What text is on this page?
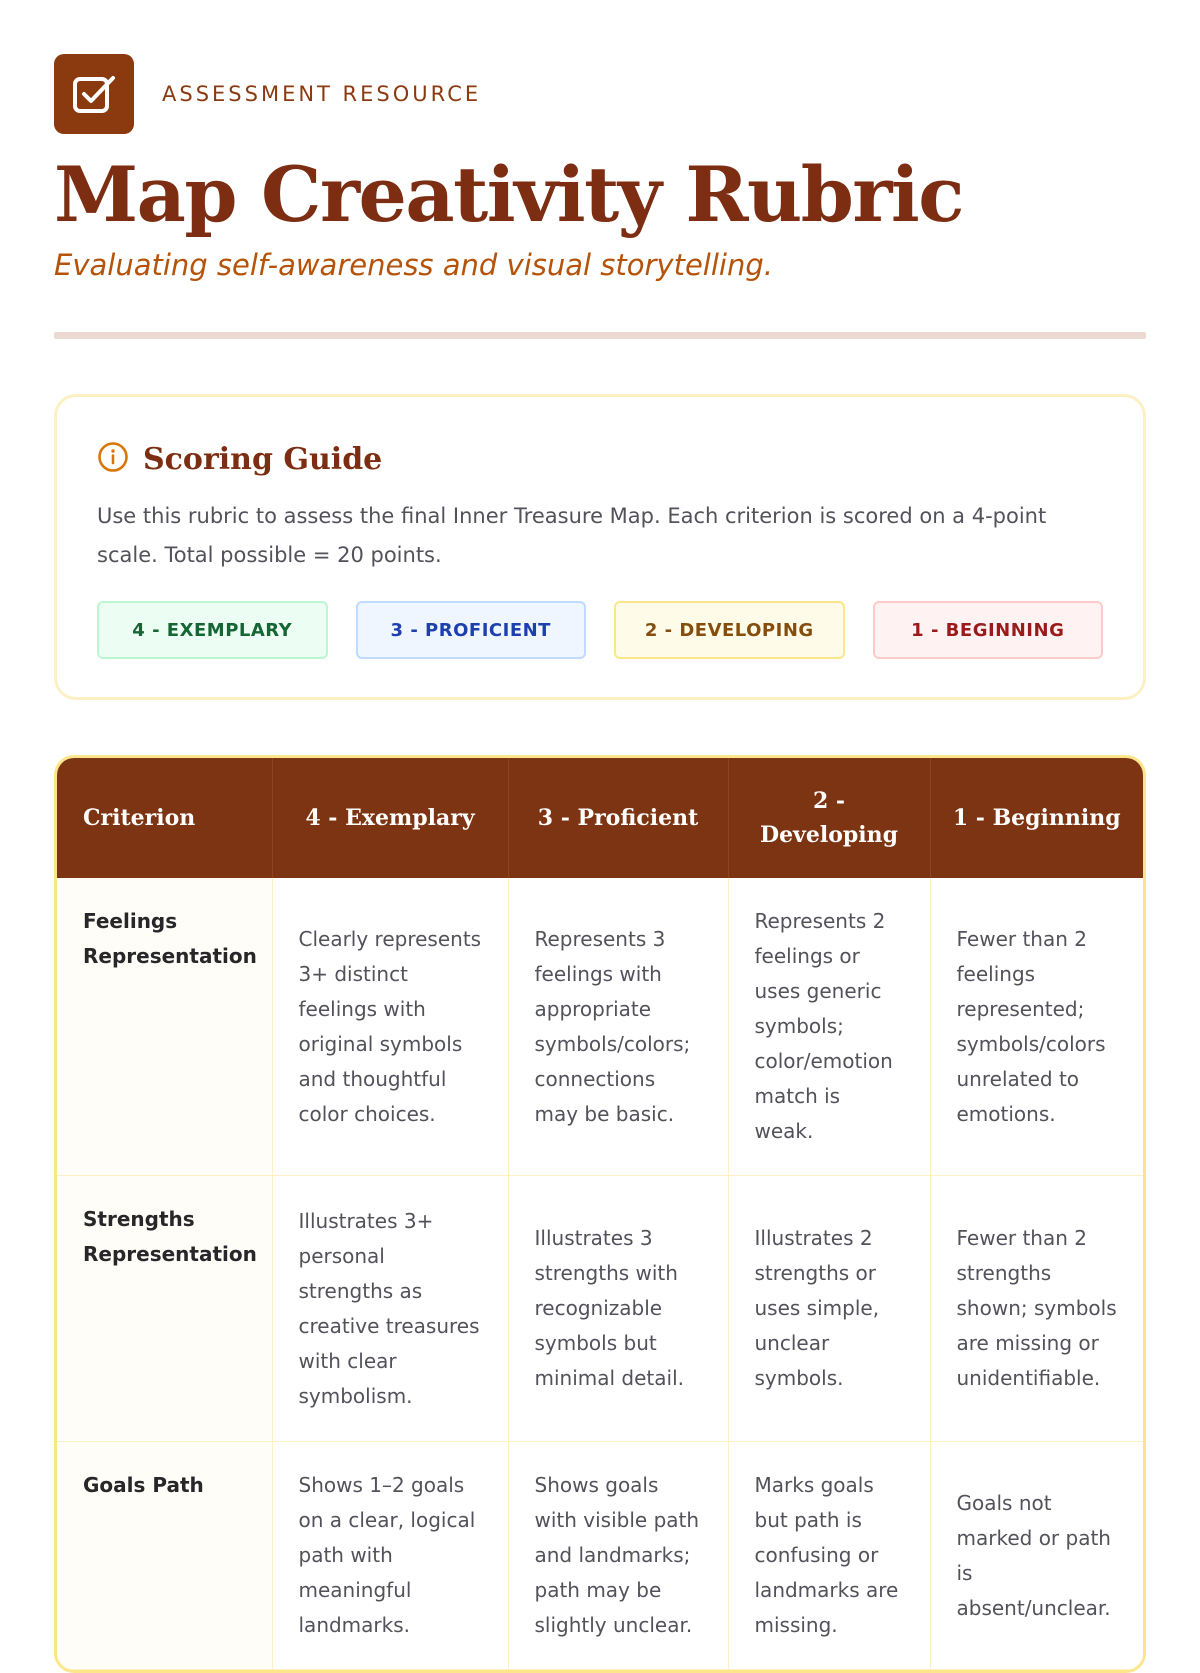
ASSESSMENT RESOURCE
Map Creativity Rubric
Evaluating self-awareness and visual storytelling.
Scoring Guide
Use this rubric to assess the final Inner Treasure Map. Each criterion is scored on a 4-point scale. Total possible = 20 points.
4 - EXEMPLARY	3 - PROFICIENT	2 - DEVELOPING	1 - BEGINNING
Criterion	4 - Exemplary	3 - Proficient	2 - Developing	1 - Beginning
Feelings Representation	Clearly represents 3+ distinct feelings with original symbols and thoughtful color choices.	Represents 3 feelings with appropriate symbols/colors; connections may be basic.	Represents 2 feelings or uses generic symbols; color/emotion match is weak.	Fewer than 2 feelings represented; symbols/colors unrelated to emotions.
Strengths Representation	Illustrates 3+ personal strengths as creative treasures with clear symbolism.	Illustrates 3 strengths with recognizable symbols but minimal detail.	Illustrates 2 strengths or uses simple, unclear symbols.	Fewer than 2 strengths shown; symbols are missing or unidentifiable.
Goals Path	Shows 1–2 goals on a clear, logical path with meaningful landmarks.	Shows goals with visible path and landmarks; path may be slightly unclear.	Marks goals but path is confusing or landmarks are missing.	Goals not marked or path is absent/unclear.
